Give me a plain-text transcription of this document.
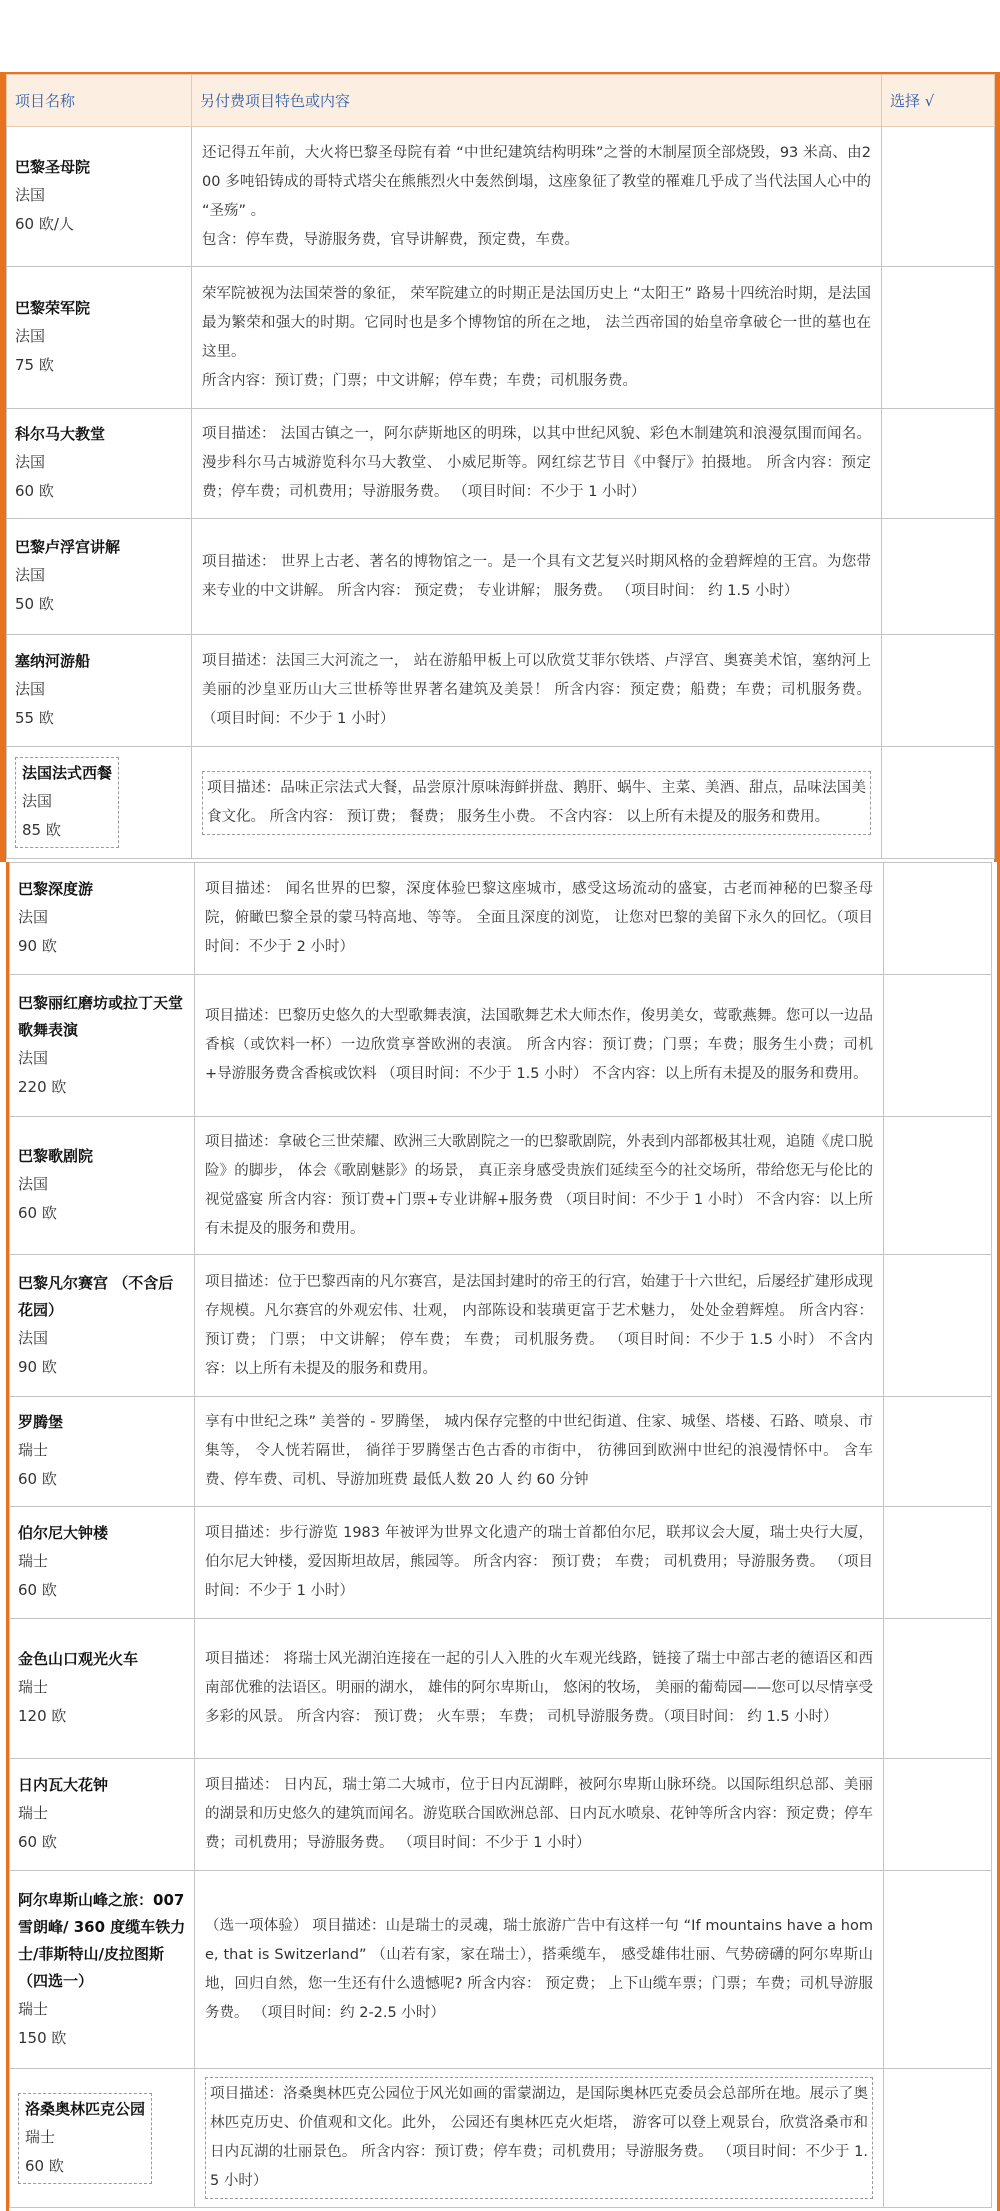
项目名称	另付费项目特色或内容	选择 √

巴黎圣母院
法国
60 欧/人	还记得五年前，大火将巴黎圣母院有着 “中世纪建筑结构明珠”之誉的木制屋顶全部烧毁，93 米高、由200 多吨铅铸成的哥特式塔尖在熊熊烈火中轰然倒塌，这座象征了教堂的罹难几乎成了当代法国人心中的 “圣殇” 。
包含：停车费，导游服务费，官导讲解费，预定费，车费。	

巴黎荣军院
法国
75 欧	荣军院被视为法国荣誉的象征， 荣军院建立的时期正是法国历史上 “太阳王” 路易十四统治时期，是法国最为繁荣和强大的时期。它同时也是多个博物馆的所在之地， 法兰西帝国的始皇帝拿破仑一世的墓也在这里。
所含内容：预订费；门票；中文讲解；停车费；车费；司机服务费。	

科尔马大教堂
法国
60 欧	项目描述： 法国古镇之一，阿尔萨斯地区的明珠，以其中世纪风貌、彩色木制建筑和浪漫氛围而闻名。漫步科尔马古城游览科尔马大教堂、 小威尼斯等。网红综艺节目《中餐厅》拍摄地。 所含内容：预定费；停车费；司机费用；导游服务费。 （项目时间：不少于 1 小时）	

巴黎卢浮宫讲解
法国
50 欧	项目描述： 世界上古老、著名的博物馆之一。是一个具有文艺复兴时期风格的金碧辉煌的王宫。为您带来专业的中文讲解。 所含内容： 预定费； 专业讲解； 服务费。 （项目时间： 约 1.5 小时）	

塞纳河游船
法国
55 欧	项目描述：法国三大河流之一， 站在游船甲板上可以欣赏艾菲尔铁塔、卢浮宫、奥赛美术馆，塞纳河上美丽的沙皇亚历山大三世桥等世界著名建筑及美景！ 所含内容：预定费；船费；车费；司机服务费。 （项目时间：不少于 1 小时）	

法国法式西餐
法国
85 欧	项目描述：品味正宗法式大餐，品尝原汁原味海鲜拼盘、鹅肝、蜗牛、主菜、美酒、甜点，品味法国美食文化。 所含内容： 预订费； 餐费； 服务生小费。 不含内容： 以上所有未提及的服务和费用。	

巴黎深度游
法国
90 欧	项目描述： 闻名世界的巴黎，深度体验巴黎这座城市，感受这场流动的盛宴，古老而神秘的巴黎圣母院，俯瞰巴黎全景的蒙马特高地、等等。 全面且深度的浏览， 让您对巴黎的美留下永久的回忆。（项目时间：不少于 2 小时）	

巴黎丽红磨坊或拉丁天堂歌舞表演
法国
220 欧	项目描述：巴黎历史悠久的大型歌舞表演，法国歌舞艺术大师杰作，俊男美女，莺歌燕舞。您可以一边品香槟（或饮料一杯）一边欣赏享誉欧洲的表演。 所含内容：预订费；门票；车费；服务生小费；司机+导游服务费含香槟或饮料 （项目时间：不少于 1.5 小时） 不含内容：以上所有未提及的服务和费用。	

巴黎歌剧院
法国
60 欧	项目描述：拿破仑三世荣耀、欧洲三大歌剧院之一的巴黎歌剧院，外表到内部都极其壮观，追随《虎口脱险》的脚步， 体会《歌剧魅影》的场景， 真正亲身感受贵族们延续至今的社交场所，带给您无与伦比的视觉盛宴 所含内容：预订费+门票+专业讲解+服务费 （项目时间：不少于 1 小时） 不含内容：以上所有未提及的服务和费用。	

巴黎凡尔赛宫 （不含后花园）
法国
90 欧	项目描述：位于巴黎西南的凡尔赛宫，是法国封建时的帝王的行宫，始建于十六世纪，后屡经扩建形成现存规模。凡尔赛宫的外观宏伟、壮观， 内部陈设和装璜更富于艺术魅力， 处处金碧辉煌。 所含内容： 预订费； 门票； 中文讲解； 停车费； 车费； 司机服务费。 （项目时间：不少于 1.5 小时） 不含内容：以上所有未提及的服务和费用。	

罗腾堡
瑞士
60 欧	享有中世纪之珠” 美誉的 - 罗腾堡， 城内保存完整的中世纪街道、住家、城堡、塔楼、石路、喷泉、市集等， 令人恍若隔世， 徜徉于罗腾堡古色古香的市街中， 彷彿回到欧洲中世纪的浪漫情怀中。 含车费、停车费、司机、导游加班费 最低人数 20 人 约 60 分钟	

伯尔尼大钟楼
瑞士
60 欧	项目描述：步行游览 1983 年被评为世界文化遗产的瑞士首都伯尔尼，联邦议会大厦，瑞士央行大厦，伯尔尼大钟楼，爱因斯坦故居，熊园等。 所含内容： 预订费； 车费； 司机费用；导游服务费。 （项目时间：不少于 1 小时）	

金色山口观光火车
瑞士
120 欧	项目描述： 将瑞士风光湖泊连接在一起的引人入胜的火车观光线路，链接了瑞士中部古老的德语区和西南部优雅的法语区。明丽的湖水， 雄伟的阿尔卑斯山， 悠闲的牧场， 美丽的葡萄园——您可以尽情享受多彩的风景。 所含内容： 预订费； 火车票； 车费； 司机导游服务费。（项目时间： 约 1.5 小时）	

日内瓦大花钟
瑞士
60 欧	项目描述： 日内瓦，瑞士第二大城市，位于日内瓦湖畔，被阿尔卑斯山脉环绕。以国际组织总部、美丽的湖景和历史悠久的建筑而闻名。游览联合国欧洲总部、日内瓦水喷泉、花钟等所含内容：预定费；停车费；司机费用；导游服务费。 （项目时间：不少于 1 小时）	

阿尔卑斯山峰之旅：007 雪朗峰/ 360 度缆车铁力士/菲斯特山/皮拉图斯（四选一）
瑞士
150 欧	（选一项体验） 项目描述：山是瑞士的灵魂，瑞士旅游广告中有这样一句 “If mountains have a home, that is Switzerland” （山若有家，家在瑞士），搭乘缆车， 感受雄伟壮丽、气势磅礴的阿尔卑斯山地，回归自然，您一生还有什么遗憾呢? 所含内容： 预定费； 上下山缆车票；门票；车费；司机导游服务费。 （项目时间：约 2-2.5 小时）	

洛桑奥林匹克公园
瑞士
60 欧	项目描述：洛桑奥林匹克公园位于风光如画的雷蒙湖边，是国际奥林匹克委员会总部所在地。展示了奥林匹克历史、价值观和文化。此外， 公园还有奥林匹克火炬塔， 游客可以登上观景台，欣赏洛桑市和日内瓦湖的壮丽景色。 所含内容：预订费；停车费；司机费用；导游服务费。 （项目时间：不少于 1.5 小时）	
